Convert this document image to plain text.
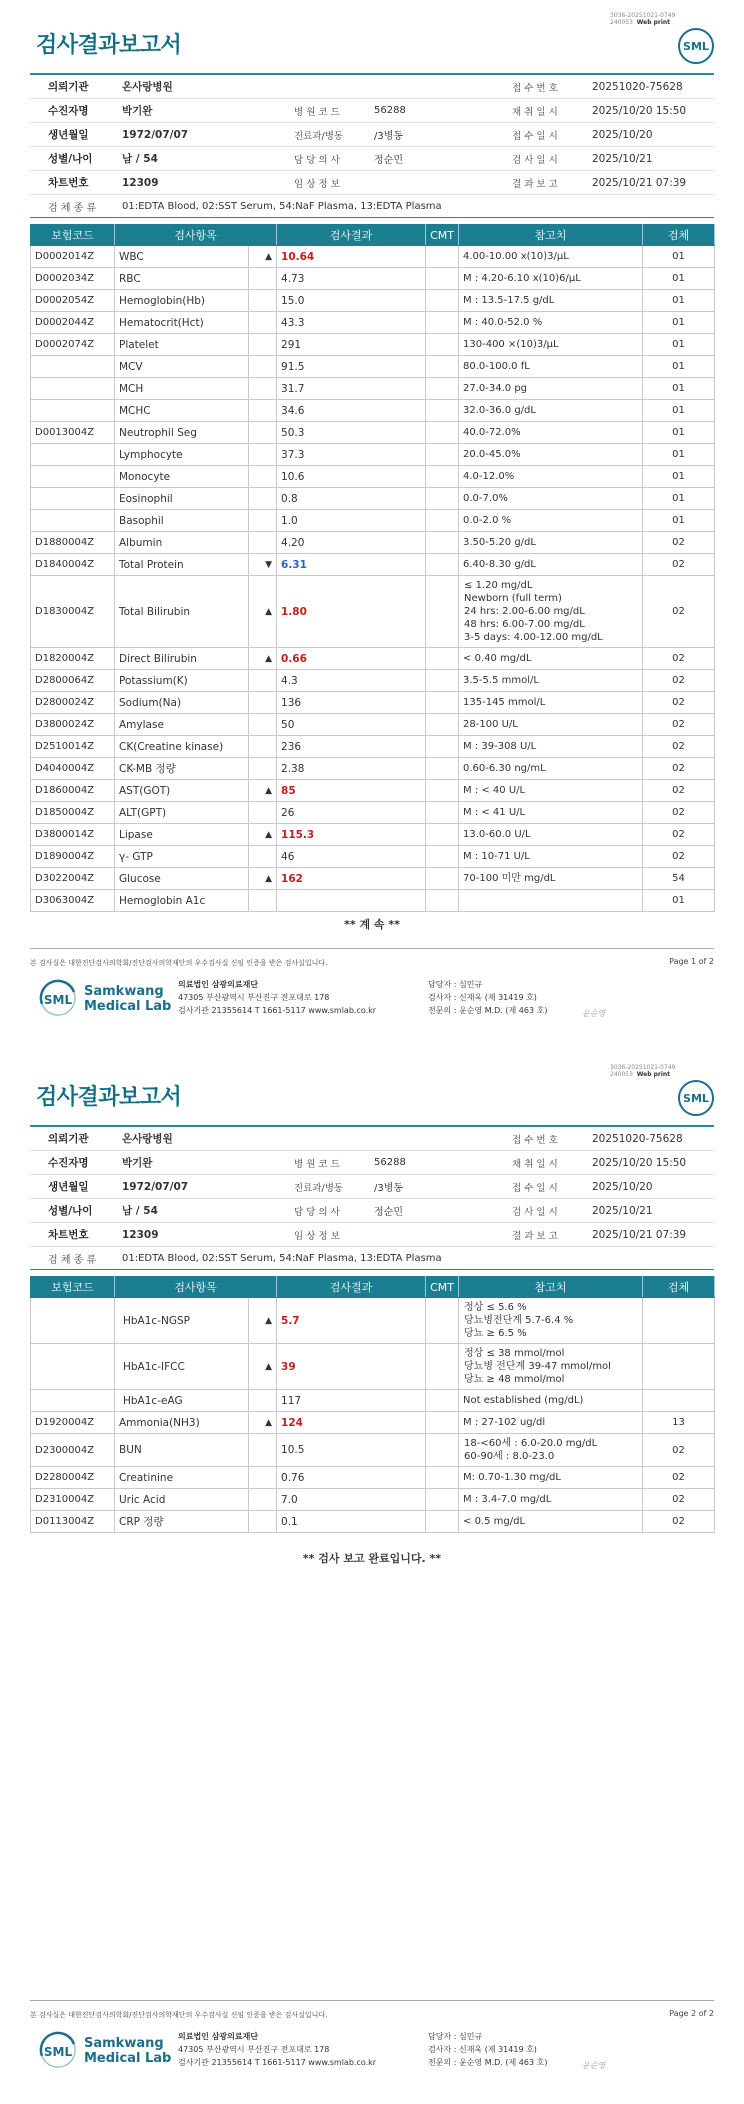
3036-20251021-0749
240053 Web print
검사결과보고서	SML
의뢰기관	온사랑병원	접 수 번 호	20251020-75628
수진자명	박기완	병 원 코 드	56288	채 취 일 시	2025/10/20 15:50
생년월일	1972/07/07	진료과/병동	/3병동	접 수 일 시	2025/10/20
성별/나이	남 / 54	담 당 의 사	정순민	검 사 일 시	2025/10/21
차트번호	12309	임 상 정 보	결 과 보 고	2025/10/21 07:39
검 체 종 류	01:EDTA Blood, 02:SST Serum, 54:NaF Plasma, 13:EDTA Plasma
보험코드	검사항목		검사결과	CMT	참고치	검체
D0002014Z	WBC	▲	10.64		4.00-10.00 x(10)3/μL	01
D0002034Z	RBC		4.73		M : 4.20-6.10 x(10)6/μL	01
D0002054Z	Hemoglobin(Hb)		15.0		M : 13.5-17.5 g/dL	01
D0002044Z	Hematocrit(Hct)		43.3		M : 40.0-52.0 %	01
D0002074Z	Platelet		291		130-400 ×(10)3/μL	01
	MCV		91.5		80.0-100.0 fL	01
	MCH		31.7		27.0-34.0 pg	01
	MCHC		34.6		32.0-36.0 g/dL	01
D0013004Z	Neutrophil Seg		50.3		40.0-72.0%	01
	Lymphocyte		37.3		20.0-45.0%	01
	Monocyte		10.6		4.0-12.0%	01
	Eosinophil		0.8		0.0-7.0%	01
	Basophil		1.0		0.0-2.0 %	01
D1880004Z	Albumin		4.20		3.50-5.20 g/dL	02
D1840004Z	Total Protein	▼	6.31		6.40-8.30 g/dL	02
D1830004Z	Total Bilirubin	▲	1.80		≤ 1.20 mg/dL
Newborn (full term)
24 hrs: 2.00-6.00 mg/dL
48 hrs: 6.00-7.00 mg/dL
3-5 days: 4.00-12.00 mg/dL	02
D1820004Z	Direct Bilirubin	▲	0.66		< 0.40 mg/dL	02
D2800064Z	Potassium(K)		4.3		3.5-5.5 mmol/L	02
D2800024Z	Sodium(Na)		136		135-145 mmol/L	02
D3800024Z	Amylase		50		28-100 U/L	02
D2510014Z	CK(Creatine kinase)		236		M : 39-308 U/L	02
D4040004Z	CK-MB 정량		2.38		0.60-6.30 ng/mL	02
D1860004Z	AST(GOT)	▲	85		M : < 40 U/L	02
D1850004Z	ALT(GPT)		26		M : < 41 U/L	02
D3800014Z	Lipase	▲	115.3		13.0-60.0 U/L	02
D1890004Z	γ- GTP		46		M : 10-71 U/L	02
D3022004Z	Glucose	▲	162		70-100 미만 mg/dL	54
D3063004Z	Hemoglobin A1c					01
** 계 속 **
본 검사실은 대한진단검사의학회/진단검사의학재단의 우수검사실 신임 인증을 받은 검사실입니다.	Page 1 of 2
SML
Samkwang
Medical Lab
의료법인 삼광의료재단
47305 부산광역시 부산진구 전포대로 178
검사기관 21355614 T 1661-5117 www.smlab.co.kr
담당자 : 심민규
검사자 : 신재욱 (제 31419 호)
전문의 : 윤순영 M.D. (제 463 호)	윤순영
3036-20251021-0749
240053 Web print
검사결과보고서	SML
의뢰기관	온사랑병원	접 수 번 호	20251020-75628
수진자명	박기완	병 원 코 드	56288	채 취 일 시	2025/10/20 15:50
생년월일	1972/07/07	진료과/병동	/3병동	접 수 일 시	2025/10/20
성별/나이	남 / 54	담 당 의 사	정순민	검 사 일 시	2025/10/21
차트번호	12309	임 상 정 보	결 과 보 고	2025/10/21 07:39
검 체 종 류	01:EDTA Blood, 02:SST Serum, 54:NaF Plasma, 13:EDTA Plasma
보험코드	검사항목		검사결과	CMT	참고치	검체
	HbA1c-NGSP	▲	5.7		정상 ≤ 5.6 %
당뇨병전단계 5.7-6.4 %
당뇨 ≥ 6.5 %	

	HbA1c-IFCC	▲	39		정상 ≤ 38 mmol/mol
당뇨병 전단계 39-47 mmol/mol
당뇨 ≥ 48 mmol/mol	

	HbA1c-eAG		117		Not established (mg/dL)	
D1920004Z	Ammonia(NH3)	▲	124		M : 27-102 ug/dl	13
D2300004Z	BUN		10.5		18-<60세 : 6.0-20.0 mg/dL
60-90세 : 8.0-23.0	02
D2280004Z	Creatinine		0.76		M: 0.70-1.30 mg/dL	02
D2310004Z	Uric Acid		7.0		M : 3.4-7.0 mg/dL	02
D0113004Z	CRP 정량		0.1		< 0.5 mg/dL	02
** 검사 보고 완료입니다. **
본 검사실은 대한진단검사의학회/진단검사의학재단의 우수검사실 신임 인증을 받은 검사실입니다.	Page 2 of 2
SML
Samkwang
Medical Lab
의료법인 삼광의료재단
47305 부산광역시 부산진구 전포대로 178
검사기관 21355614 T 1661-5117 www.smlab.co.kr
담당자 : 심민규
검사자 : 신재욱 (제 31419 호)
전문의 : 윤순영 M.D. (제 463 호)	윤순영
